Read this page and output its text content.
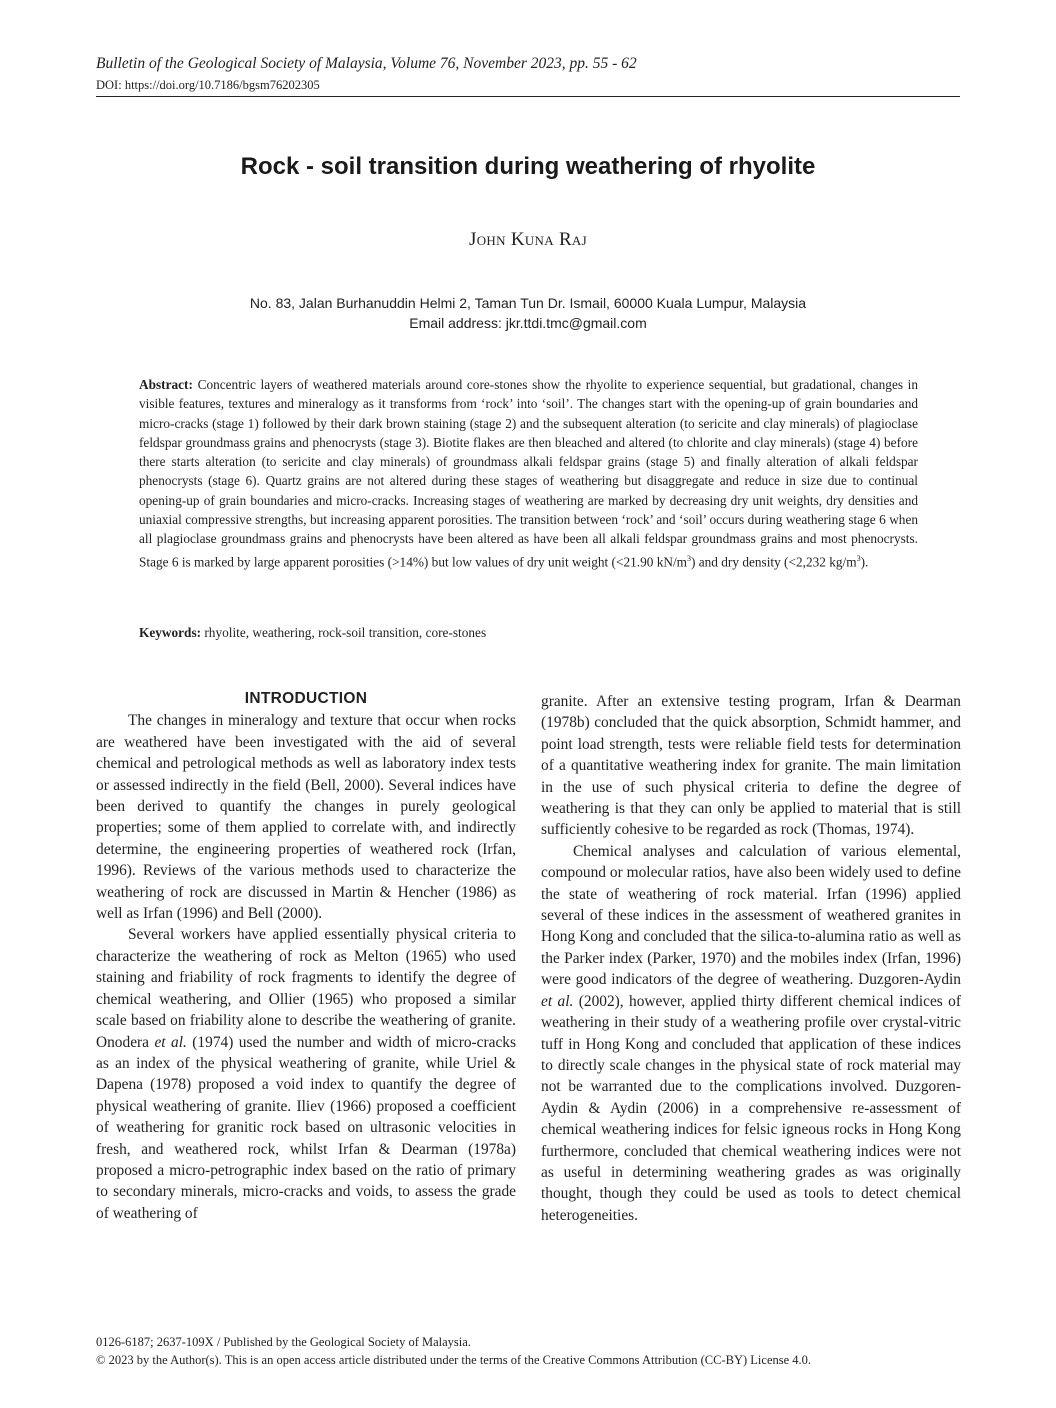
Bulletin of the Geological Society of Malaysia, Volume 76, November 2023, pp. 55 - 62
DOI: https://doi.org/10.7186/bgsm76202305
Rock - soil transition during weathering of rhyolite
John Kuna Raj
No. 83, Jalan Burhanuddin Helmi 2, Taman Tun Dr. Ismail, 60000 Kuala Lumpur, Malaysia
Email address: jkr.ttdi.tmc@gmail.com

Abstract: Concentric layers of weathered materials around core-stones show the rhyolite to experience sequential, but gradational, changes in visible features, textures and mineralogy as it transforms from ‘rock’ into ‘soil’. The changes start with the opening-up of grain boundaries and micro-cracks (stage 1) followed by their dark brown staining (stage 2) and the subsequent alteration (to sericite and clay minerals) of plagioclase feldspar groundmass grains and phenocrysts (stage 3). Biotite flakes are then bleached and altered (to chlorite and clay minerals) (stage 4) before there starts alteration (to sericite and clay minerals) of groundmass alkali feldspar grains (stage 5) and finally alteration of alkali feldspar phenocrysts (stage 6). Quartz grains are not altered during these stages of weathering but disaggregate and reduce in size due to continual opening-up of grain boundaries and micro-cracks. Increasing stages of weathering are marked by decreasing dry unit weights, dry densities and uniaxial compressive strengths, but increasing apparent porosities. The transition between ‘rock’ and ‘soil’ occurs during weathering stage 6 when all plagioclase groundmass grains and phenocrysts have been altered as have been all alkali feldspar groundmass grains and most phenocrysts. Stage 6 is marked by large apparent porosities (>14%) but low values of dry unit weight (<21.90 $kN/m^3$) and dry density (<2,232 $kg/m^3$).

Keywords: rhyolite, weathering, rock-soil transition, core-stones

INTRODUCTION

The changes in mineralogy and texture that occur when rocks are weathered have been investigated with the aid of several chemical and petrological methods as well as laboratory index tests or assessed indirectly in the field (Bell, 2000). Several indices have been derived to quantify the changes in purely geological properties; some of them applied to correlate with, and indirectly determine, the engineering properties of weathered rock (Irfan, 1996). Reviews of the various methods used to characterize the weathering of rock are discussed in Martin & Hencher (1986) as well as Irfan (1996) and Bell (2000).

Several workers have applied essentially physical criteria to characterize the weathering of rock as Melton (1965) who used staining and friability of rock fragments to identify the degree of chemical weathering, and Ollier (1965) who proposed a similar scale based on friability alone to describe the weathering of granite. Onodera et al. (1974) used the number and width of micro-cracks as an index of the physical weathering of granite, while Uriel & Dapena (1978) proposed a void index to quantify the degree of physical weathering of granite. Iliev (1966) proposed a coefficient of weathering for granitic rock based on ultrasonic velocities in fresh, and weathered rock, whilst Irfan & Dearman (1978a) proposed a micro-petrographic index based on the ratio of primary to secondary minerals, micro-cracks and voids, to assess the grade of weathering of

granite. After an extensive testing program, Irfan & Dearman (1978b) concluded that the quick absorption, Schmidt hammer, and point load strength, tests were reliable field tests for determination of a quantitative weathering index for granite. The main limitation in the use of such physical criteria to define the degree of weathering is that they can only be applied to material that is still sufficiently cohesive to be regarded as rock (Thomas, 1974).

Chemical analyses and calculation of various elemental, compound or molecular ratios, have also been widely used to define the state of weathering of rock material. Irfan (1996) applied several of these indices in the assessment of weathered granites in Hong Kong and concluded that the silica-to-alumina ratio as well as the Parker index (Parker, 1970) and the mobiles index (Irfan, 1996) were good indicators of the degree of weathering. Duzgoren-Aydin et al. (2002), however, applied thirty different chemical indices of weathering in their study of a weathering profile over crystal-vitric tuff in Hong Kong and concluded that application of these indices to directly scale changes in the physical state of rock material may not be warranted due to the complications involved. Duzgoren-Aydin & Aydin (2006) in a comprehensive re-assessment of chemical weathering indices for felsic igneous rocks in Hong Kong furthermore, concluded that chemical weathering indices were not as useful in determining weathering grades as was originally thought, though they could be used as tools to detect chemical heterogeneities.

0126-6187; 2637-109X / Published by the Geological Society of Malaysia.
© 2023 by the Author(s). This is an open access article distributed under the terms of the Creative Commons Attribution (CC-BY) License 4.0.
